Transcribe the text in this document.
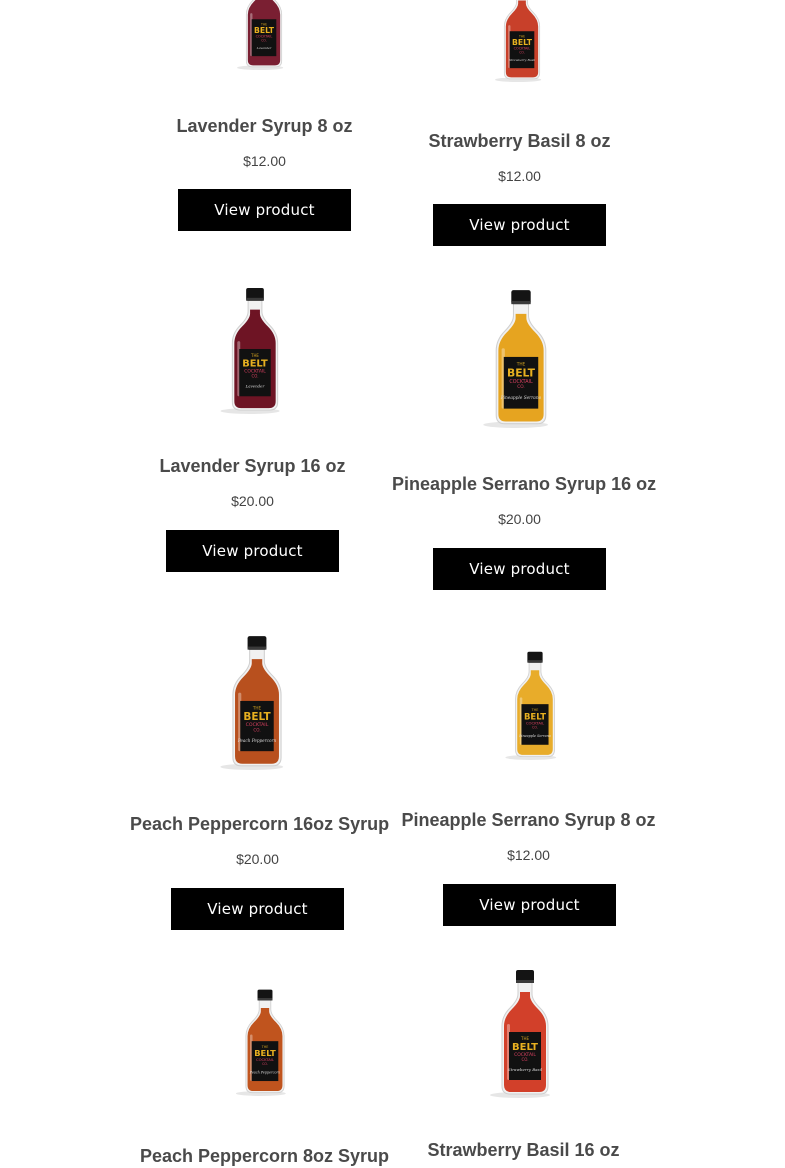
THE
BELT
COCKTAIL
CO.
Lavender
Lavender Syrup 8 oz
$12.00
View product
THE
BELT
COCKTAIL
CO.
Strawberry Basil
Strawberry Basil 8 oz
$12.00
View product
THE
BELT
COCKTAIL
CO.
Lavender
Lavender Syrup 16 oz
$20.00
View product
THE
BELT
COCKTAIL
CO.
Pineapple Serrano
Pineapple Serrano Syrup 16 oz
$20.00
View product
THE
BELT
COCKTAIL
CO.
Peach Peppercorn
Peach Peppercorn 16oz Syrup
$20.00
View product
THE
BELT
COCKTAIL
CO.
Pineapple Serrano
Pineapple Serrano Syrup 8 oz
$12.00
View product
THE
BELT
COCKTAIL
CO.
Peach Peppercorn
Peach Peppercorn 8oz Syrup
THE
BELT
COCKTAIL
CO.
Strawberry Basil
Strawberry Basil 16 oz
